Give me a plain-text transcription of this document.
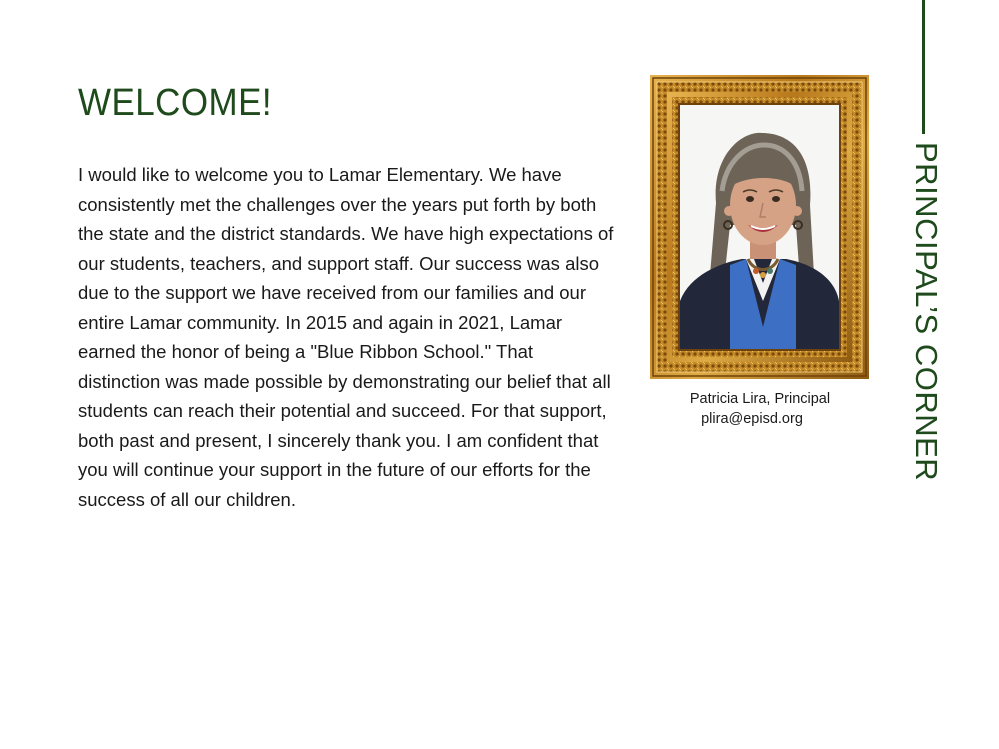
WELCOME!

I would like to welcome you to Lamar Elementary. We have consistently met the challenges over the years put forth by both the state and the district standards. We have high expectations of our students, teachers, and support staff. Our success was also due to the support we have received from our families and our entire Lamar community. In 2015 and again in 2021, Lamar earned the honor of being a "Blue Ribbon School." That distinction was made possible by demonstrating our belief that all students can reach their potential and succeed. For that support, both past and present, I sincerely thank you. I am confident that you will continue your support in the future of our efforts for the success of all our children.

Patricia Lira, Principal
plira@episd.org	PRINCIPAL’S CORNER
